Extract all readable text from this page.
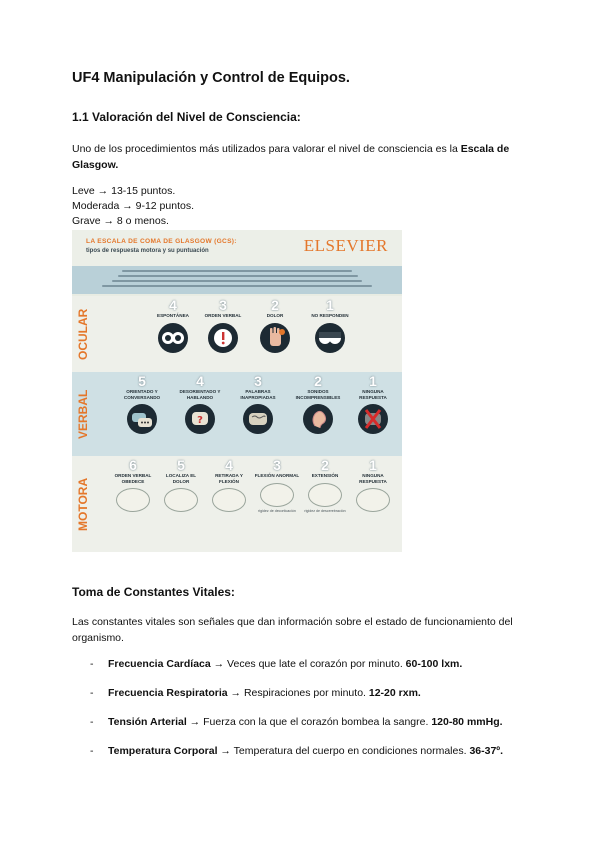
UF4 Manipulación y Control de Equipos.
1.1 Valoración del Nivel de Consciencia:

Uno de los procedimientos más utilizados para valorar el nivel de consciencia es la Escala de Glasgow.

Leve → 13-15 puntos.
Moderada → 9-12 puntos.
Grave → 8 o menos.
LA ESCALA DE COMA DE GLASGOW (GCS):
tipos de respuesta motora y su puntuación	ELSEVIER
OCULAR
4
ESPONTÁNEA
3
ORDEN VERBAL
2
DOLOR
1
NO RESPONDEN
VERBAL
5
ORIENTADO Y CONVERSANDO
4
DESORIENTADO Y HABLANDO
?
3
PALABRAS INAPROPIADAS
2
SONIDOS INCOMPRENSIBLES
1
NINGUNA RESPUESTA
MOTORA
6
ORDEN VERBAL OBEDECE
5
LOCALIZA EL DOLOR
4
RETIRADA Y FLEXIÓN
3
FLEXIÓN ANORMAL
rigidez de decorticación
2
EXTENSIÓN
rigidez de descerebración
1
NINGUNA RESPUESTA
Toma de Constantes Vitales:

Las constantes vitales son señales que dan información sobre el estado de funcionamiento del organismo.

- Frecuencia Cardíaca → Veces que late el corazón por minuto. 60-100 lxm.
- Frecuencia Respiratoria → Respiraciones por minuto. 12-20 rxm.
- Tensión Arterial → Fuerza con la que el corazón bombea la sangre. 120-80 mmHg.
- Temperatura Corporal → Temperatura del cuerpo en condiciones normales. 36-37º.
